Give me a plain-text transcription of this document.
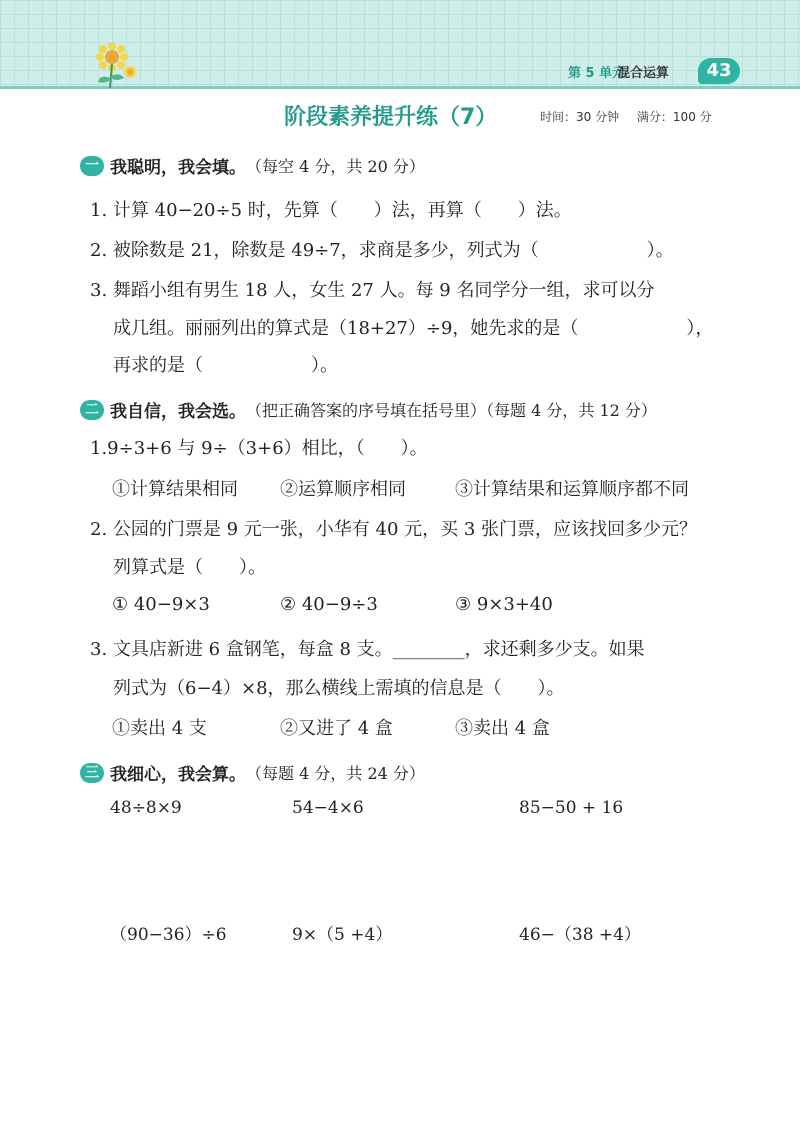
第 5 单元
混合运算	43
阶段素养提升练（7）	时间：30 分钟 满分：100 分
一 我聪明，我会填。 （每空 4 分，共 20 分）
1. 计算 40−20÷5 时，先算（　　）法，再算（　　）法。
2. 被除数是 21，除数是 49÷7，求商是多少，列式为（　　　　　　）。
3. 舞蹈小组有男生 18 人，女生 27 人。每 9 名同学分一组，求可以分
成几组。丽丽列出的算式是（18+27）÷9，她先求的是（　　　　　　），
再求的是（　　　　　　）。
二 我自信，我会选。 （把正确答案的序号填在括号里）（每题 4 分，共 12 分）
1.9÷3+6 与 9÷（3+6）相比，（　　）。
①计算结果相同 ②运算顺序相同	③计算结果和运算顺序都不同
2. 公园的门票是 9 元一张，小华有 40 元，买 3 张门票，应该找回多少元？
列算式是（　　）。
① 40−9×3	② 40−9÷3	③ 9×3+40
3. 文具店新进 6 盒钢笔，每盒 8 支。________，求还剩多少支。如果
列式为（6−4）×8，那么横线上需填的信息是（　　）。
①卖出 4 支	②又进了 4 盒	③卖出 4 盒
三 我细心，我会算。 （每题 4 分，共 24 分）
48÷8×9	54−4×6	85−50 + 16
（90−36）÷6	9×（5 +4）	46−（38 +4）
